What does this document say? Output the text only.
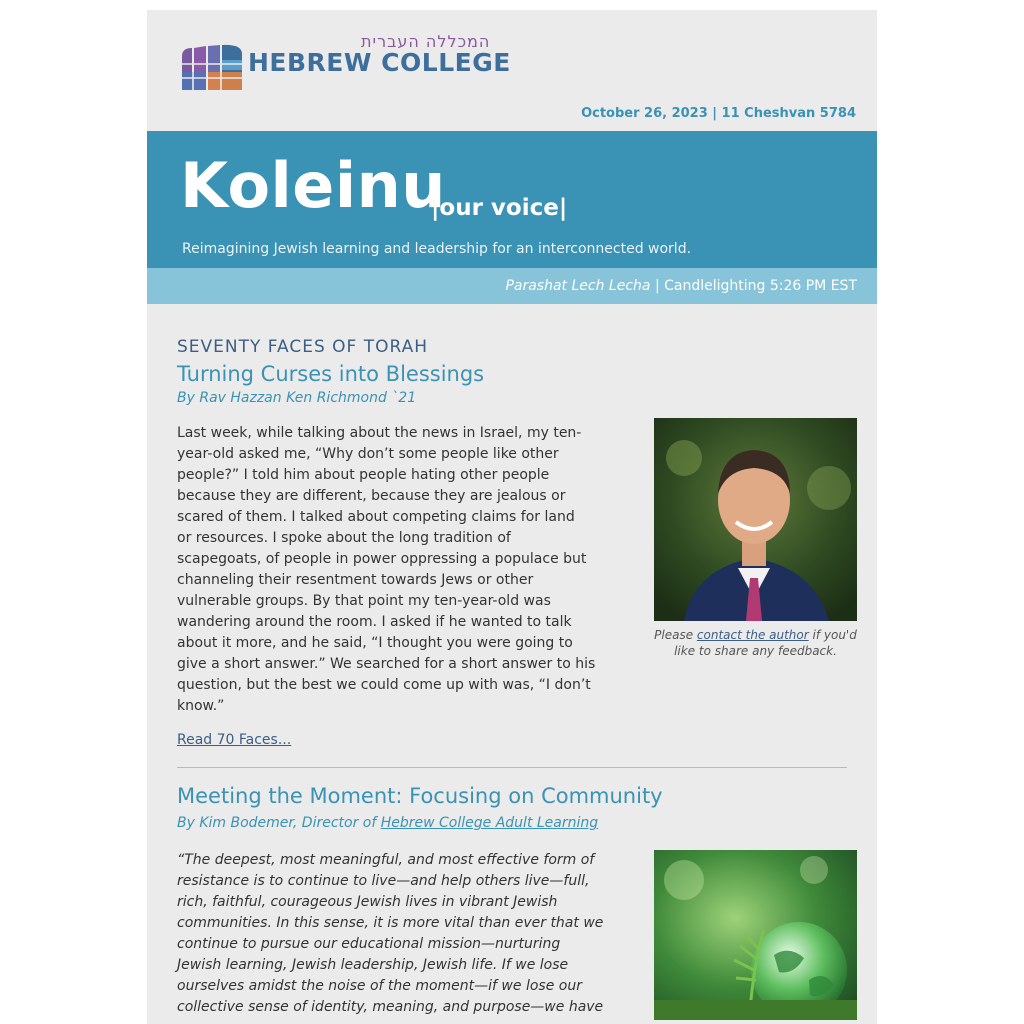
המכללה העברית
HEBREW COLLEGE
October 26, 2023 | 11 Cheshvan 5784
Koleinu
|our voice|
Reimagining Jewish learning and leadership for an interconnected world.
Parashat Lech Lecha | Candlelighting 5:26 PM EST
SEVENTY FACES OF TORAH
Turning Curses into Blessings
By Rav Hazzan Ken Richmond `21
Last week, while talking about the news in Israel, my ten-
year-old asked me, “Why don’t some people like other
people?” I told him about people hating other people
because they are different, because they are jealous or
scared of them. I talked about competing claims for land
or resources. I spoke about the long tradition of
scapegoats, of people in power oppressing a populace but
channeling their resentment towards Jews or other
vulnerable groups. By that point my ten-year-old was
wandering around the room. I asked if he wanted to talk
about it more, and he said, “I thought you were going to
give a short answer.” We searched for a short answer to his
question, but the best we could come up with was, “I don’t
know.”
Please contact the author if you'd
like to share any feedback.
Read 70 Faces...
Meeting the Moment: Focusing on Community
By Kim Bodemer, Director of Hebrew College Adult Learning
“The deepest, most meaningful, and most effective form of
resistance is to continue to live—and help others live—full,
rich, faithful, courageous Jewish lives in vibrant Jewish
communities. In this sense, it is more vital than ever that we
continue to pursue our educational mission—nurturing
Jewish learning, Jewish leadership, Jewish life. If we lose
ourselves amidst the noise of the moment—if we lose our
collective sense of identity, meaning, and purpose—we have
